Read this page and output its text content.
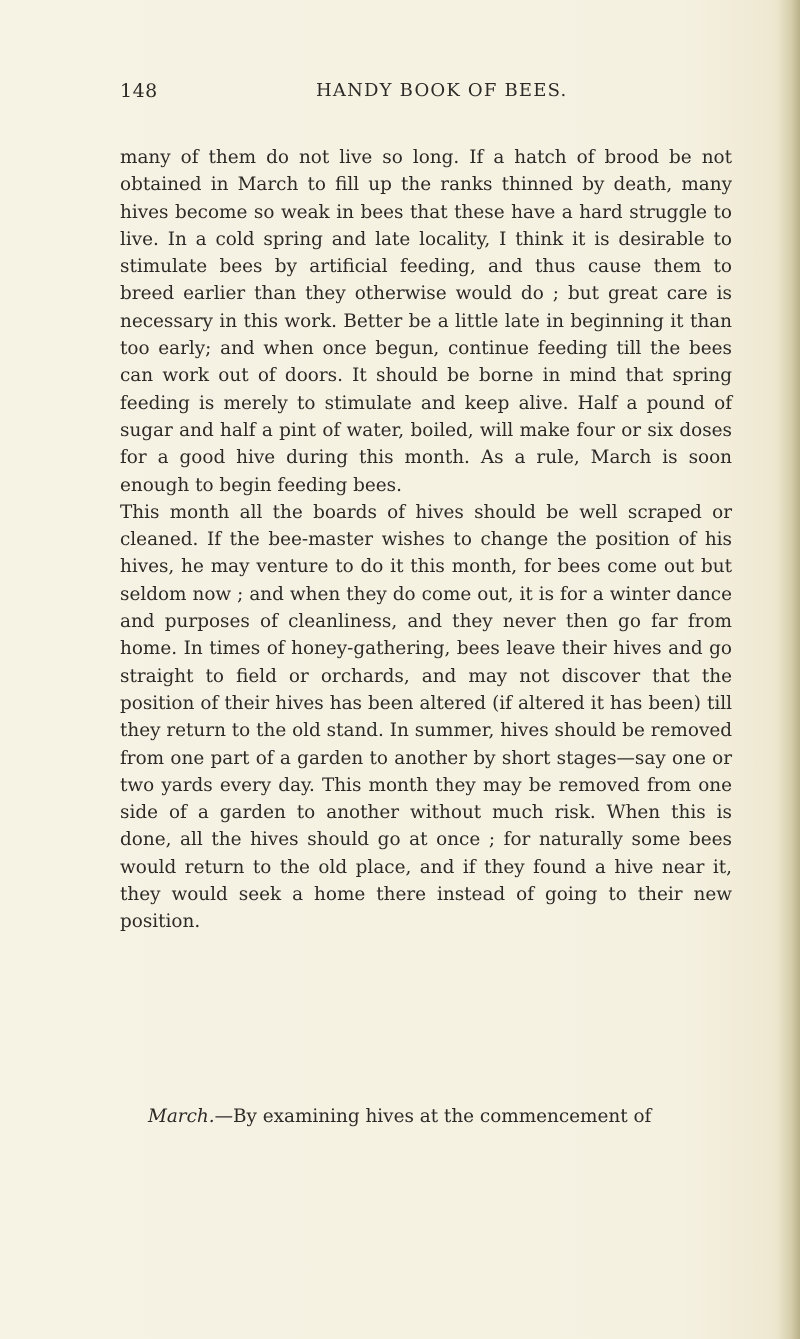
148	HANDY BOOK OF BEES.

many of them do not live so long. If a hatch of brood be not obtained in March to fill up the ranks thinned by death, many hives become so weak in bees that these have a hard struggle to live. In a cold spring and late locality, I think it is desirable to stimulate bees by artificial feeding, and thus cause them to breed earlier than they otherwise would do ; but great care is necessary in this work. Better be a little late in beginning it than too early; and when once begun, continue feeding till the bees can work out of doors. It should be borne in mind that spring feeding is merely to stimulate and keep alive. Half a pound of sugar and half a pint of water, boiled, will make four or six doses for a good hive during this month. As a rule, March is soon enough to begin feeding bees.

This month all the boards of hives should be well scraped or cleaned. If the bee-master wishes to change the position of his hives, he may venture to do it this month, for bees come out but seldom now ; and when they do come out, it is for a winter dance and purposes of cleanliness, and they never then go far from home. In times of honey-gathering, bees leave their hives and go straight to field or orchards, and may not discover that the position of their hives has been altered (if altered it has been) till they return to the old stand. In summer, hives should be removed from one part of a garden to another by short stages—say one or two yards every day. This month they may be removed from one side of a garden to another without much risk. When this is done, all the hives should go at once ; for naturally some bees would return to the old place, and if they found a hive near it, they would seek a home there instead of going to their new position.

March.—By examining hives at the commencement of
